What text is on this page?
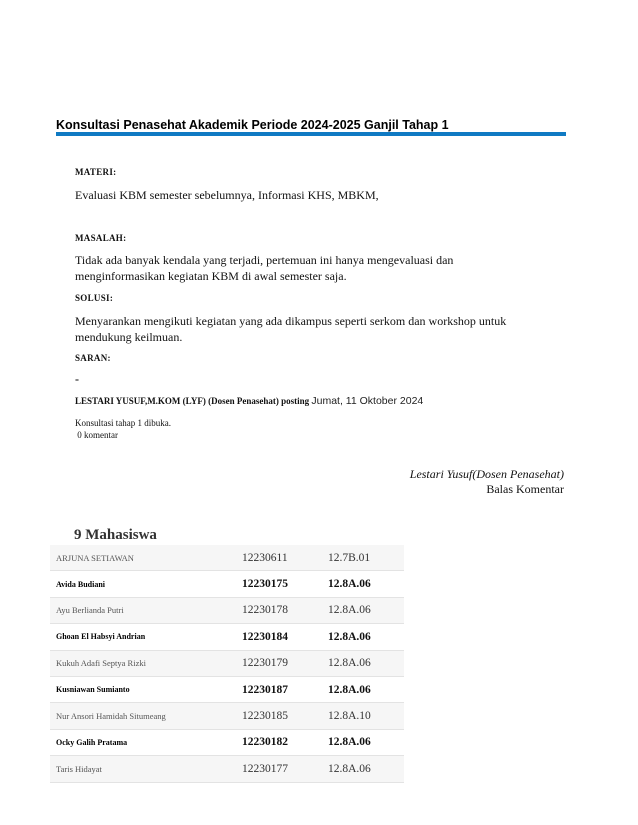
Konsultasi Penasehat Akademik Periode 2024-2025 Ganjil Tahap 1
MATERI:
Evaluasi KBM semester sebelumnya, Informasi KHS, MBKM,
MASALAH:
Tidak ada banyak kendala yang terjadi, pertemuan ini hanya mengevaluasi dan menginformasikan kegiatan KBM di awal semester saja.
SOLUSI:
Menyarankan mengikuti kegiatan yang ada dikampus seperti serkom dan workshop untuk mendukung keilmuan.
SARAN:
-
LESTARI YUSUF,M.KOM (LYF) (Dosen Penasehat) posting Jumat, 11 Oktober 2024
Konsultasi tahap 1 dibuka.
0 komentar
Lestari Yusuf(Dosen Penasehat)
Balas Komentar
9 Mahasiswa
ARJUNA SETIAWAN	12230611	12.7B.01
Avida Budiani	12230175	12.8A.06
Ayu Berlianda Putri	12230178	12.8A.06
Ghoan El Habsyi Andrian	12230184	12.8A.06
Kukuh Adafi Septya Rizki	12230179	12.8A.06
Kusniawan Sumianto	12230187	12.8A.06
Nur Ansori Hamidah Situmeang	12230185	12.8A.10
Ocky Galih Pratama	12230182	12.8A.06
Taris Hidayat	12230177	12.8A.06
